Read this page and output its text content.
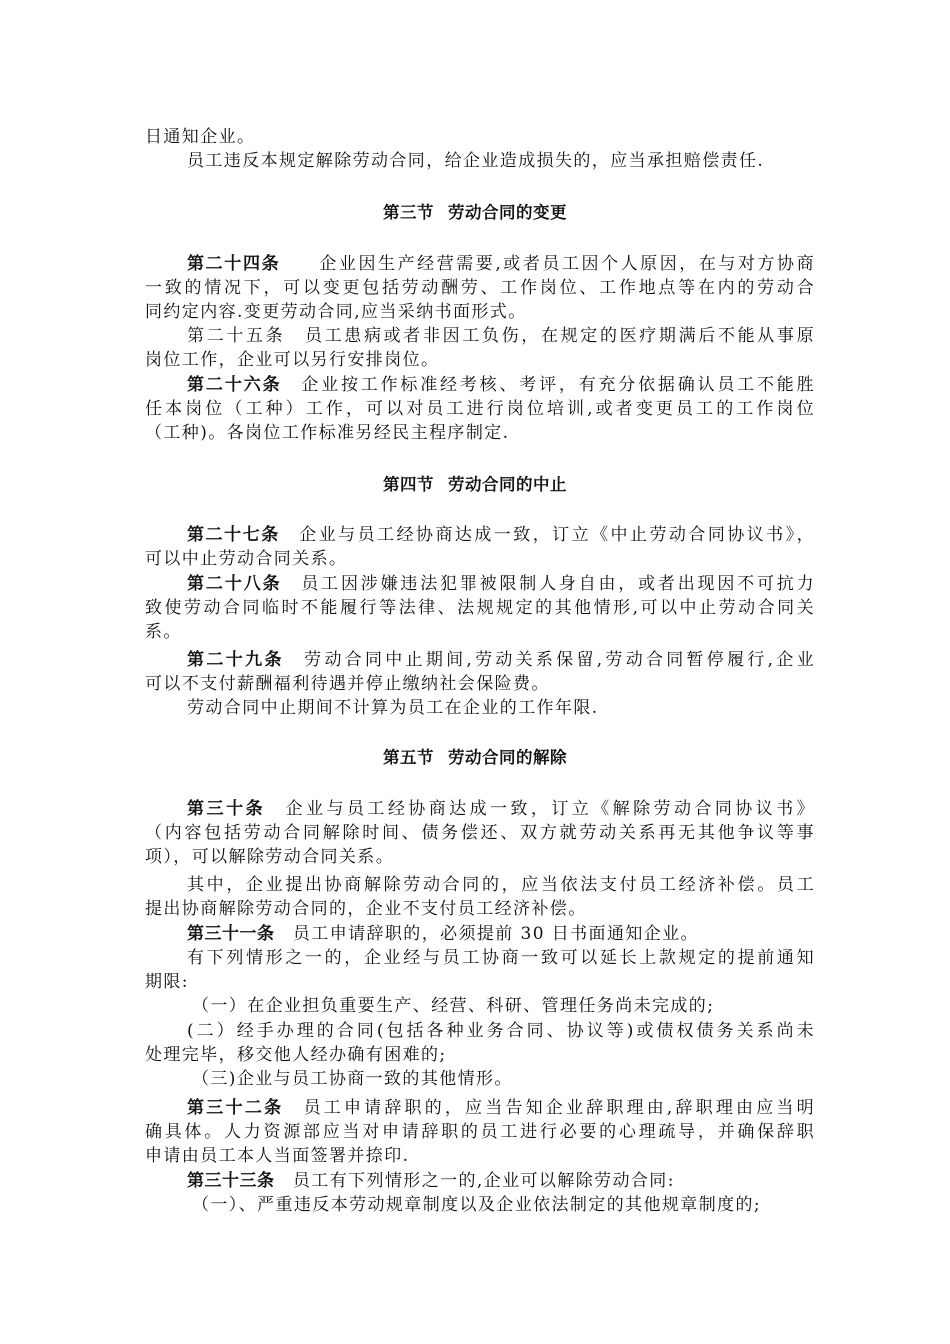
日通知企业。
员工违反本规定解除劳动合同，给企业造成损失的，应当承担赔偿责任.
第三节 劳动合同的变更
第二十四条　　 企业因生产经营需要,或者员工因个人原因，在与对方协商
一致的情况下，可以变更包括劳动酬劳、工作岗位、工作地点等在内的劳动合
同约定内容.变更劳动合同,应当采纳书面形式。
第二十五条　员工患病或者非因工负伤，在规定的医疗期满后不能从事原
岗位工作，企业可以另行安排岗位。
第二十六条　 企业按工作标准经考核、考评，有充分依据确认员工不能胜
任本岗位（工种）工作，可以对员工进行岗位培训,或者变更员工的工作岗位
（工种)。各岗位工作标准另经民主程序制定.
第四节 劳动合同的中止
第二十七条　 企业与员工经协商达成一致，订立《中止劳动合同协议书》，
可以中止劳动合同关系。
第二十八条　 员工因涉嫌违法犯罪被限制人身自由，或者出现因不可抗力
致使劳动合同临时不能履行等法律、法规规定的其他情形,可以中止劳动合同关
系。
第二十九条　 劳动合同中止期间,劳动关系保留,劳动合同暂停履行,企业
可以不支付薪酬福利待遇并停止缴纳社会保险费。
劳动合同中止期间不计算为员工在企业的工作年限.
第五节 劳动合同的解除
第三十条　 企业与员工经协商达成一致，订立《解除劳动合同协议书》
（内容包括劳动合同解除时间、债务偿还、双方就劳动关系再无其他争议等事
项），可以解除劳动合同关系。
其中，企业提出协商解除劳动合同的，应当依法支付员工经济补偿。员工
提出协商解除劳动合同的，企业不支付员工经济补偿。
第三十一条　 员工申请辞职的，必须提前 30 日书面通知企业。
有下列情形之一的，企业经与员工协商一致可以延长上款规定的提前通知
期限:
（一）在企业担负重要生产、经营、科研、管理任务尚未完成的;
(二）经手办理的合同(包括各种业务合同、协议等)或债权债务关系尚未
处理完毕，移交他人经办确有困难的;
（三)企业与员工协商一致的其他情形。
第三十二条　 员工申请辞职的，应当告知企业辞职理由,辞职理由应当明
确具体。人力资源部应当对申请辞职的员工进行必要的心理疏导，并确保辞职
申请由员工本人当面签署并捺印.
第三十三条　 员工有下列情形之一的,企业可以解除劳动合同:
（一）、严重违反本劳动规章制度以及企业依法制定的其他规章制度的;
